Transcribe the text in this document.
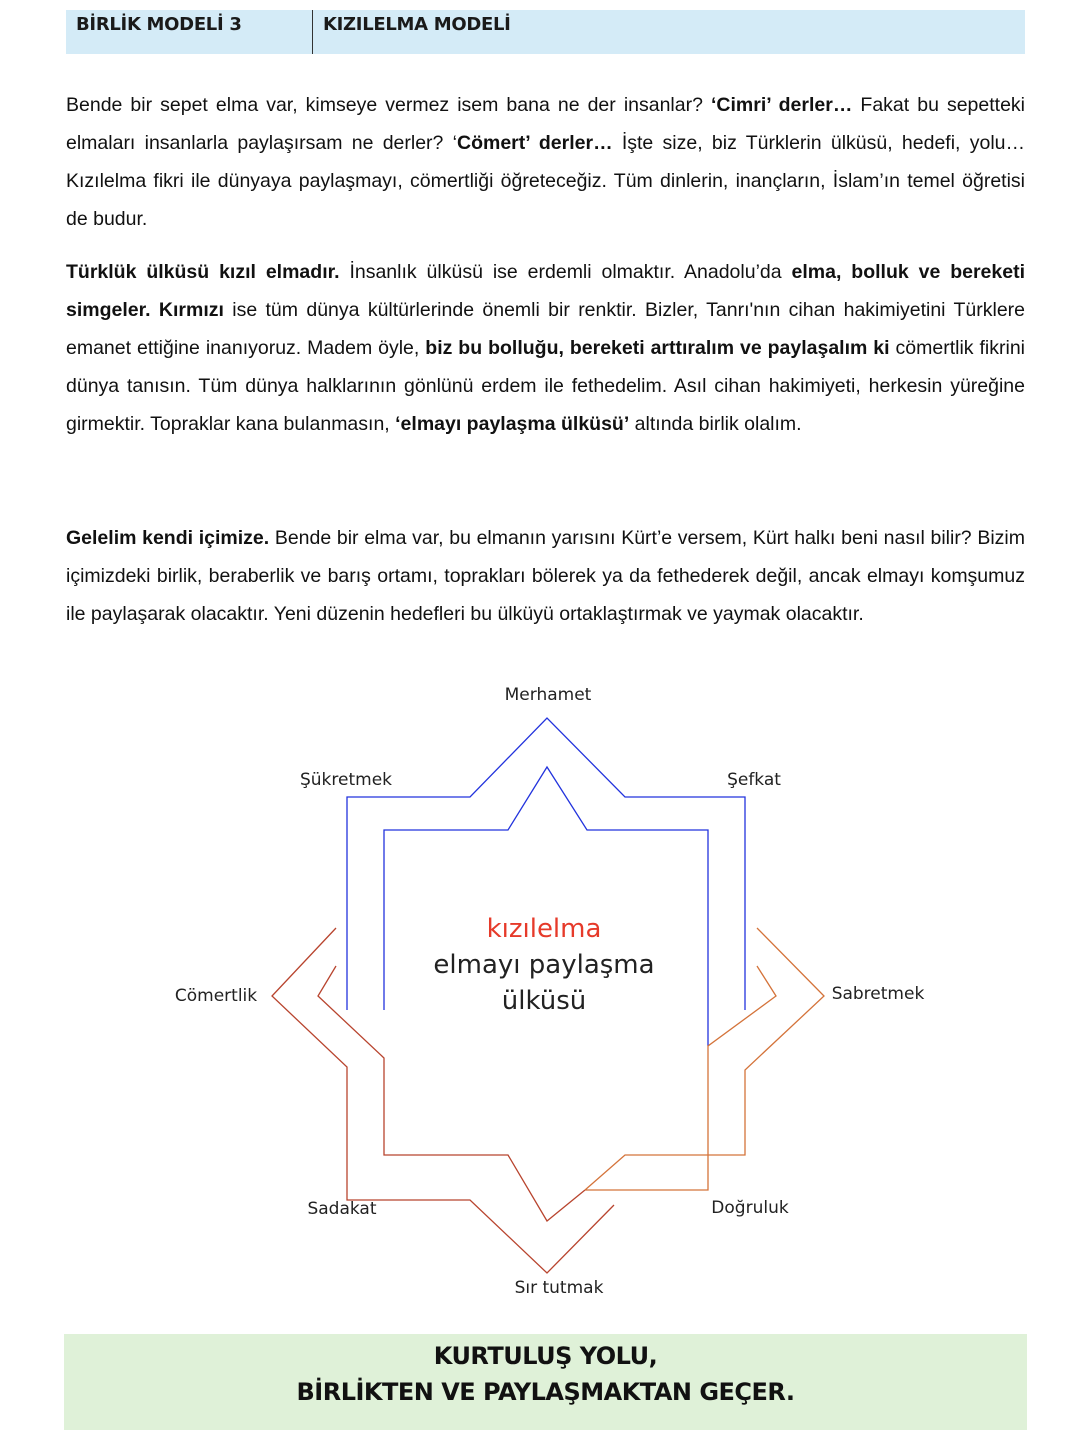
BİRLİK MODELİ 3	KIZILELMA MODELİ

Bende bir sepet elma var, kimseye vermez isem bana ne der insanlar? ‘Cimri’ derler… Fakat bu sepetteki elmaları insanlarla paylaşırsam ne derler? ‘Cömert’ derler… İşte size, biz Türklerin ülküsü, hedefi, yolu… Kızılelma fikri ile dünyaya paylaşmayı, cömertliği öğreteceğiz. Tüm dinlerin, inançların, İslam’ın temel öğretisi de budur.

Türklük ülküsü kızıl elmadır. İnsanlık ülküsü ise erdemli olmaktır. Anadolu’da elma, bolluk ve bereketi simgeler. Kırmızı ise tüm dünya kültürlerinde önemli bir renktir. Bizler, Tanrı'nın cihan hakimiyetini Türklere emanet ettiğine inanıyoruz. Madem öyle, biz bu bolluğu, bereketi arttıralım ve paylaşalım ki cömertlik fikrini dünya tanısın. Tüm dünya halklarının gönlünü erdem ile fethedelim. Asıl cihan hakimiyeti, herkesin yüreğine girmektir. Topraklar kana bulanmasın, ‘elmayı paylaşma ülküsü’ altında birlik olalım.

Gelelim kendi içimize. Bende bir elma var, bu elmanın yarısını Kürt’e versem, Kürt halkı beni nasıl bilir? Bizim içimizdeki birlik, beraberlik ve barış ortamı, toprakları bölerek ya da fethederek değil, ancak elmayı komşumuz ile paylaşarak olacaktır. Yeni düzenin hedefleri bu ülküyü ortaklaştırmak ve yaymak olacaktır.

Merhamet
Şükretmek	Şefkat
Cömertlik	Sabretmek
Sadakat	Doğruluk
Sır tutmak
kızılelma
elmayı paylaşma
ülküsü
KURTULUŞ YOLU,
BİRLİKTEN VE PAYLAŞMAKTAN GEÇER.
